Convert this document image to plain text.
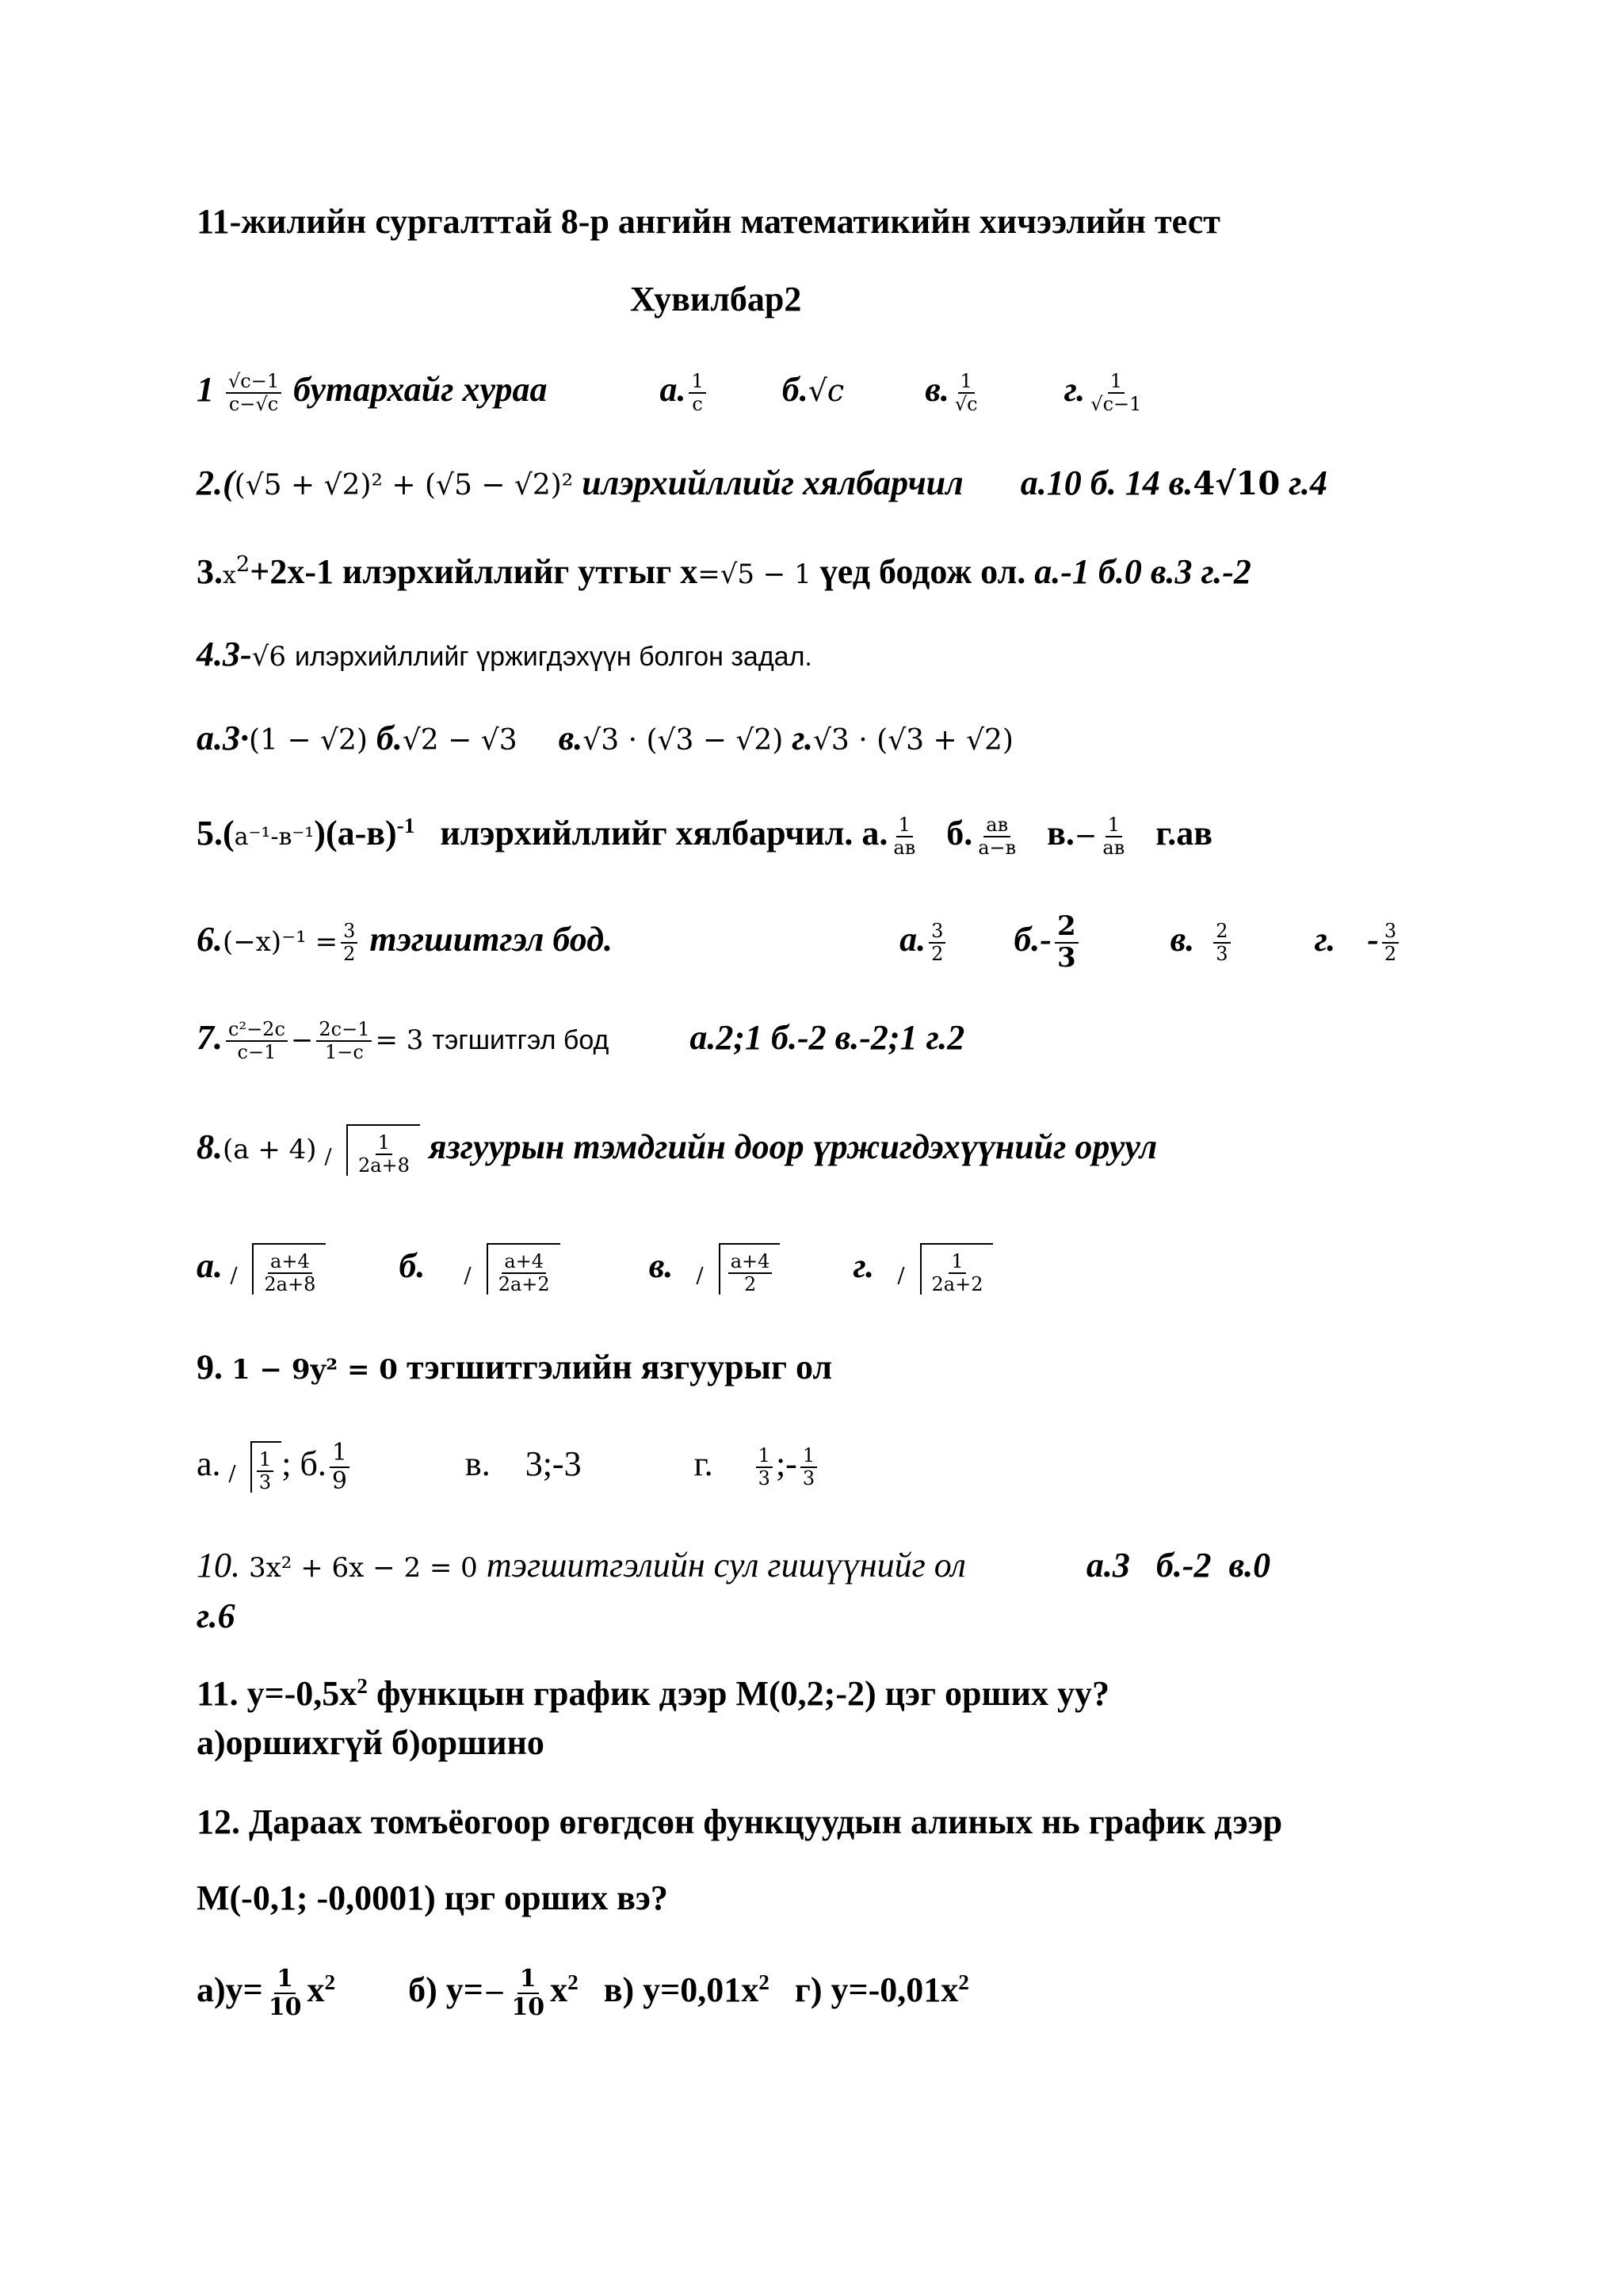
11-жилийн сургалттай 8-р ангийн математикийн хичээлийн тест
Хувилбар2
$1 \frac{√c-1}{c-√c}$ бутархайг хураа	а. $\frac{1}{c} б.√c$ в. $\frac{1}{√c} г$. $\frac{1}{√c-1}$
2.((√5 + √2)² + (√5 − √2)² илэрхийллийг хялбарчил а.10 б. 14 в.4√10 г.4
$3.x^2+2х-1$ илэрхийллийг утгыг х=√5 − 1 үед бодож ол. а.-1 б.0 в.3 г.-2
4.3-√6 илэрхийллийг үржигдэхүүн болгон задал.
а.3·(1 − √2) б.√2 − √3 в.√3 · (√3 − √2) г.√3 · (√3 + √2)
$5.(a^{-1}-в^{-1})(а-в)^{-1}$ илэрхийллийг хялбарчил. а. $\frac{1}{ав} б$. $\frac{ав}{а-в} в.- \frac{1}{ав} г.ав$
$6.(-x)^{-1} = \frac{3}{2}$ тэгшитгэл бод.	а. $\frac{3}{2} б.- \frac{2}{3}$	в. $\frac{2}{3} г$. - $\frac{3}{2}$
7. $\frac{\text{c²−2c}}{c-1} - \frac{2c-1}{1-c} = 3$ тэгшитгэл бод а.2;1 б.-2 в.-2;1 г.2
$8.(a + 4) \frac{1}{2a+8}$ язгуурын тэмдгийн доор үржигдэхүүнийг оруул
а. $\frac{a+4}{2a+8} б$.	$\frac{a+4}{2a+2}$	в.	$\frac{a+4}{2} г$.	$\frac{1}{2a+2}$
9. 1 − 9y² = 0 тэгшитгэлийн язгуурыг ол
а. $\frac{1}{3}$ ; б. $\frac{1}{9}$	в.    3;-3	г. $\frac{1}{3}$ ;- $\frac{1}{3}$
10. 3x² + 6x − 2 = 0 тэгшитгэлийн сул гишүүнийг ол	а.3   б.-2  в.0
г.6
11. $y=-0,5x^2$ функцын график дээр М(0,2;-2) цэг орших уу?
а)оршихгүй б)оршино
12. Дараах томъёогоор өгөгдсөн функцуудын алиных нь график дээр
М(-0,1; -0,0001) цэг орших вэ?
$а)y= \frac{1}{10} x^2$ б) $y=- \frac{1}{10} x^2$ в) $y=0,01x^2$ г) $y=-0,01x^2$
